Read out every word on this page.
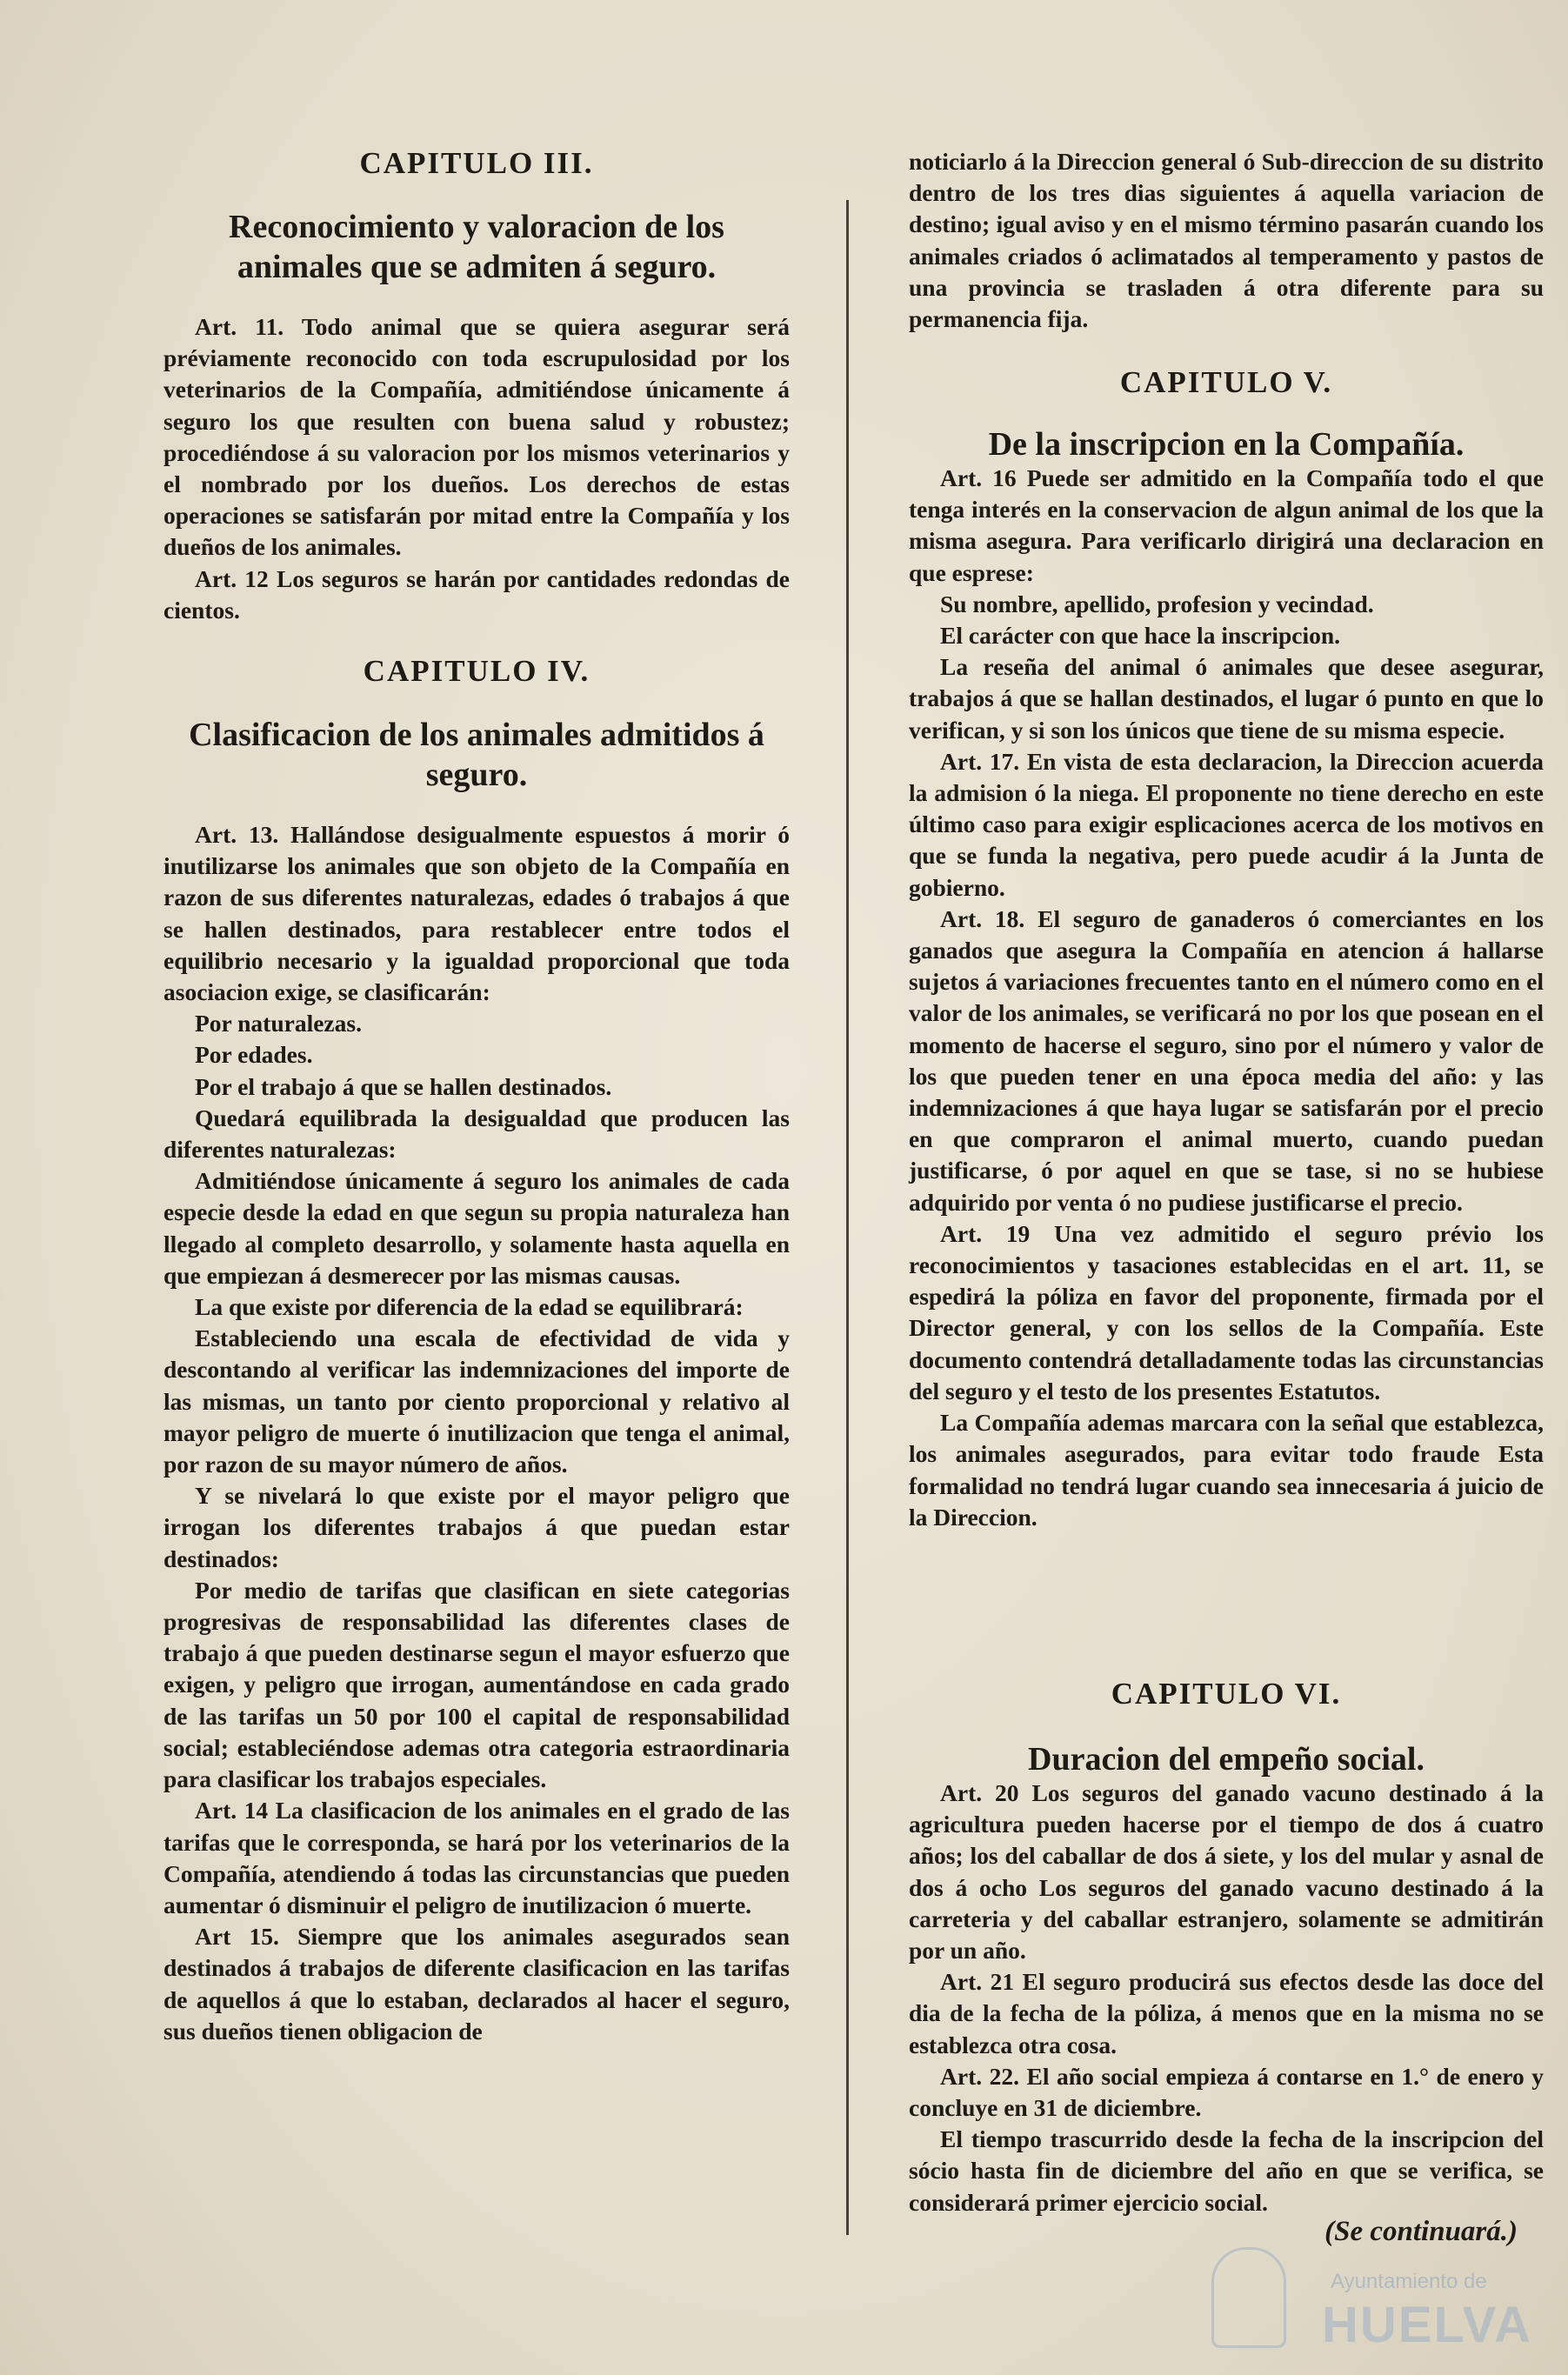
CAPITULO III.
Reconocimiento y valoracion de los animales que se admiten á seguro.

Art. 11. Todo animal que se quiera asegurar será préviamente reconocido con toda escrupulosidad por los veterinarios de la Compañía, admitiéndose únicamente á seguro los que resulten con buena salud y robustez; procediéndose á su valoracion por los mismos veterinarios y el nombrado por los dueños. Los derechos de estas operaciones se satisfarán por mitad entre la Compañía y los dueños de los animales.

Art. 12 Los seguros se harán por cantidades redondas de cientos.

CAPITULO IV.
Clasificacion de los animales admitidos á seguro.

Art. 13. Hallándose desigualmente espuestos á morir ó inutilizarse los animales que son objeto de la Compañía en razon de sus diferentes naturalezas, edades ó trabajos á que se hallen destinados, para restablecer entre todos el equilibrio necesario y la igualdad proporcional que toda asociacion exige, se clasificarán:

Por naturalezas.

Por edades.

Por el trabajo á que se hallen destinados.

Quedará equilibrada la desigualdad que producen las diferentes naturalezas:

Admitiéndose únicamente á seguro los animales de cada especie desde la edad en que segun su propia naturaleza han llegado al completo desarrollo, y solamente hasta aquella en que empiezan á desmerecer por las mismas causas.

La que existe por diferencia de la edad se equilibrará:

Estableciendo una escala de efectividad de vida y descontando al verificar las indemnizaciones del importe de las mismas, un tanto por ciento proporcional y relativo al mayor peligro de muerte ó inutilizacion que tenga el animal, por razon de su mayor número de años.

Y se nivelará lo que existe por el mayor peligro que irrogan los diferentes trabajos á que puedan estar destinados:

Por medio de tarifas que clasifican en siete categorias progresivas de responsabilidad las diferentes clases de trabajo á que pueden destinarse segun el mayor esfuerzo que exigen, y peligro que irrogan, aumentándose en cada grado de las tarifas un 50 por 100 el capital de responsabilidad social; estableciéndose ademas otra categoria estraordinaria para clasificar los trabajos especiales.

Art. 14 La clasificacion de los animales en el grado de las tarifas que le corresponda, se hará por los veterinarios de la Compañía, atendiendo á todas las circunstancias que pueden aumentar ó disminuir el peligro de inutilizacion ó muerte.

Art 15. Siempre que los animales asegurados sean destinados á trabajos de diferente clasificacion en las tarifas de aquellos á que lo estaban, declarados al hacer el seguro, sus dueños tienen obligacion de

noticiarlo á la Direccion general ó Sub-direccion de su distrito dentro de los tres dias siguientes á aquella variacion de destino; igual aviso y en el mismo término pasarán cuando los animales criados ó aclimatados al temperamento y pastos de una provincia se trasladen á otra diferente para su permanencia fija.

CAPITULO V.
De la inscripcion en la Compañía.

Art. 16 Puede ser admitido en la Compañía todo el que tenga interés en la conservacion de algun animal de los que la misma asegura. Para verificarlo dirigirá una declaracion en que esprese:

Su nombre, apellido, profesion y vecindad.

El carácter con que hace la inscripcion.

La reseña del animal ó animales que desee asegurar, trabajos á que se hallan destinados, el lugar ó punto en que lo verifican, y si son los únicos que tiene de su misma especie.

Art. 17. En vista de esta declaracion, la Direccion acuerda la admision ó la niega. El proponente no tiene derecho en este último caso para exigir esplicaciones acerca de los motivos en que se funda la negativa, pero puede acudir á la Junta de gobierno.

Art. 18. El seguro de ganaderos ó comerciantes en los ganados que asegura la Compañía en atencion á hallarse sujetos á variaciones frecuentes tanto en el número como en el valor de los animales, se verificará no por los que posean en el momento de hacerse el seguro, sino por el número y valor de los que pueden tener en una época media del año: y las indemnizaciones á que haya lugar se satisfarán por el precio en que compraron el animal muerto, cuando puedan justificarse, ó por aquel en que se tase, si no se hubiese adquirido por venta ó no pudiese justificarse el precio.

Art. 19 Una vez admitido el seguro prévio los reconocimientos y tasaciones establecidas en el art. 11, se espedirá la póliza en favor del proponente, firmada por el Director general, y con los sellos de la Compañía. Este documento contendrá detalladamente todas las circunstancias del seguro y el testo de los presentes Estatutos.

La Compañía ademas marcara con la señal que establezca, los animales asegurados, para evitar todo fraude Esta formalidad no tendrá lugar cuando sea innecesaria á juicio de la Direccion.

CAPITULO VI.
Duracion del empeño social.

Art. 20 Los seguros del ganado vacuno destinado á la agricultura pueden hacerse por el tiempo de dos á cuatro años; los del caballar de dos á siete, y los del mular y asnal de dos á ocho Los seguros del ganado vacuno destinado á la carreteria y del caballar estranjero, solamente se admitirán por un año.

Art. 21 El seguro producirá sus efectos desde las doce del dia de la fecha de la póliza, á menos que en la misma no se establezca otra cosa.

Art. 22. El año social empieza á contarse en 1.° de enero y concluye en 31 de diciembre.

El tiempo trascurrido desde la fecha de la inscripcion del sócio hasta fin de diciembre del año en que se verifica, se considerará primer ejercicio social.

(Se continuará.)
Ayuntamiento de
HUELVA
